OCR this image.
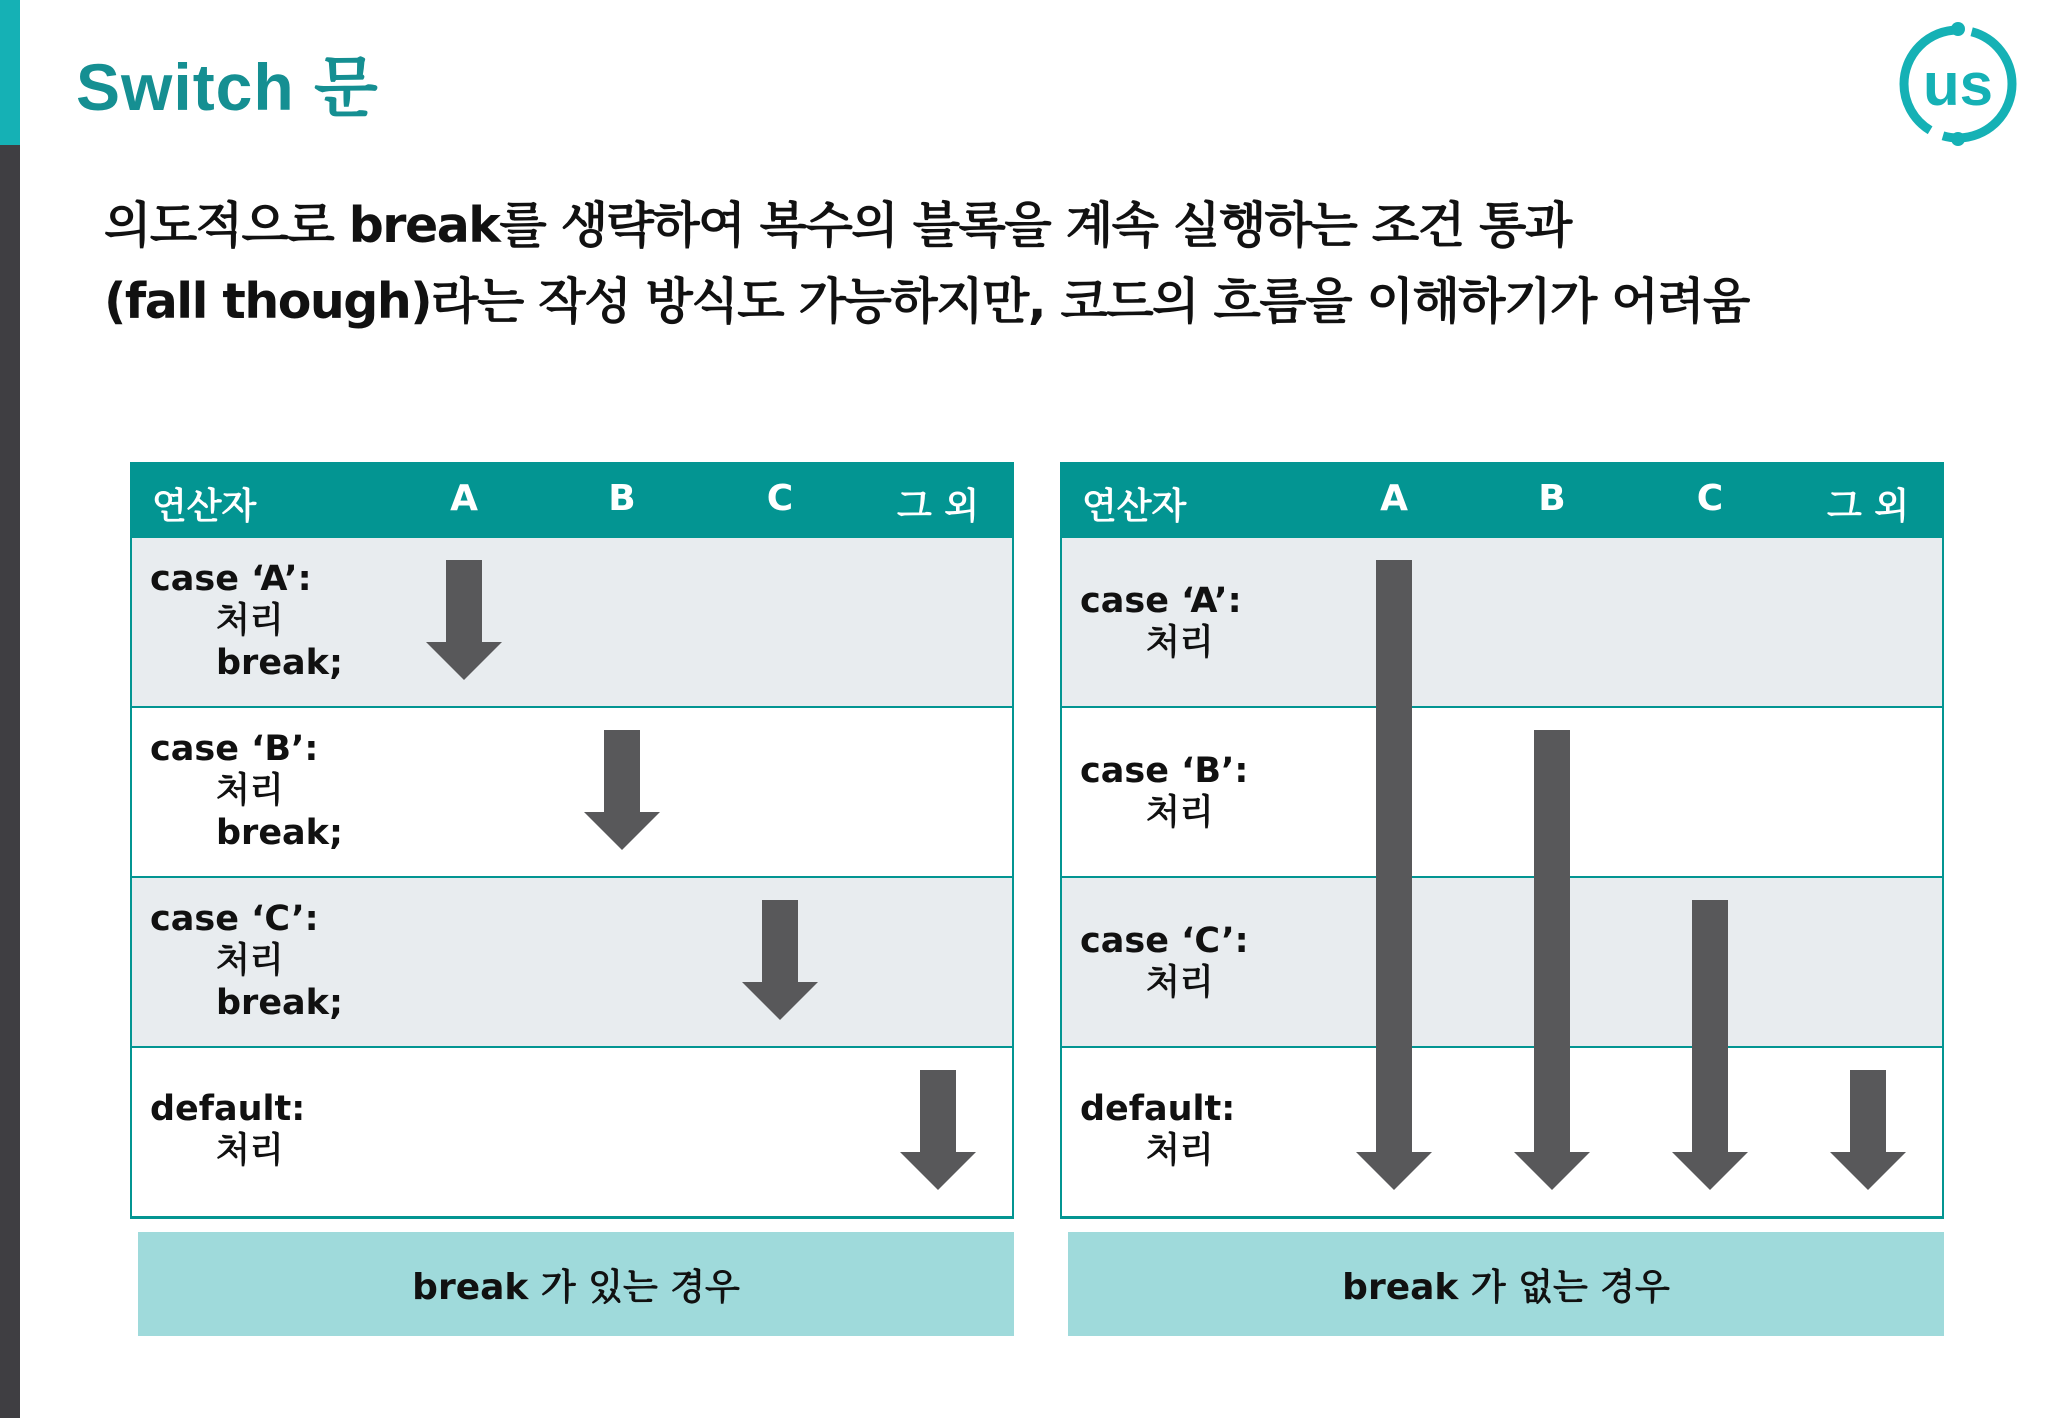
Switch 문	us
의도적으로 break를 생략하여 복수의 블록을 계속 실행하는 조건 통과
(fall though)라는 작성 방식도 가능하지만, 코드의 흐름을 이해하기가 어려움
연산자	A	B	C	그 외
case ‘A’:
처리
break;
case ‘B’:
처리
break;
case ‘C’:
처리
break;
default:
처리
연산자	A	B	C	그 외
case ‘A’:
처리
case ‘B’:
처리
case ‘C’:
처리
default:
처리
break 가 있는 경우	break 가 없는 경우
